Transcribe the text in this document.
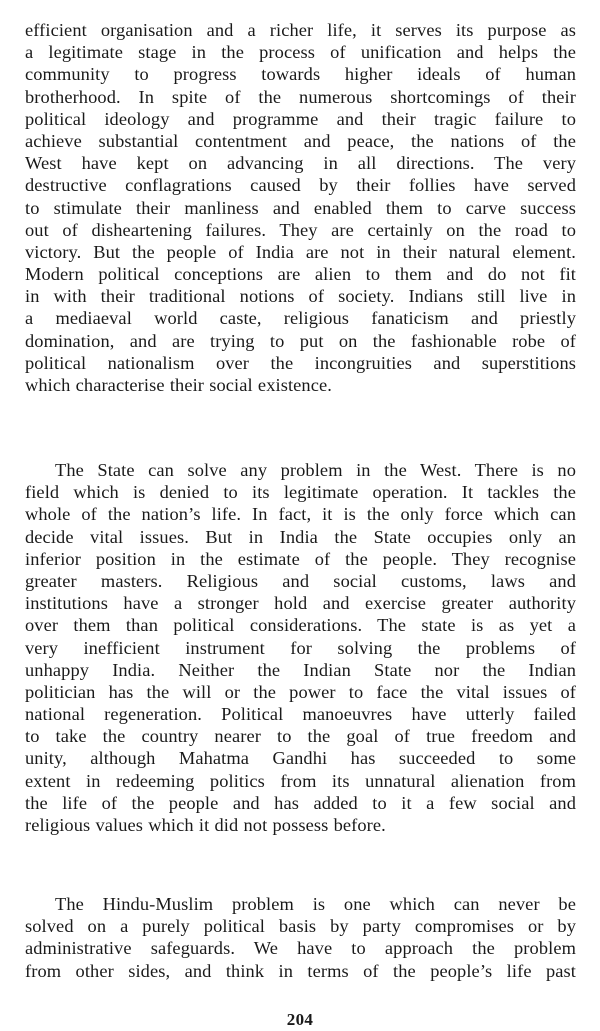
efficient organisation and a richer life, it serves its purpose as
a legitimate stage in the process of unification and helps the
community to progress towards higher ideals of human
brotherhood. In spite of the numerous shortcomings of their
political ideology and programme and their tragic failure to
achieve substantial contentment and peace, the nations of the
West have kept on advancing in all directions. The very
destructive conflagrations caused by their follies have served
to stimulate their manliness and enabled them to carve success
out of disheartening failures. They are certainly on the road to
victory. But the people of India are not in their natural element.
Modern political conceptions are alien to them and do not fit
in with their traditional notions of society. Indians still live in
a mediaeval world caste, religious fanaticism and priestly
domination, and are trying to put on the fashionable robe of
political nationalism over the incongruities and superstitions
which characterise their social existence.
The State can solve any problem in the West. There is no
field which is denied to its legitimate operation. It tackles the
whole of the nation’s life. In fact, it is the only force which can
decide vital issues. But in India the State occupies only an
inferior position in the estimate of the people. They recognise
greater masters. Religious and social customs, laws and
institutions have a stronger hold and exercise greater authority
over them than political considerations. The state is as yet a
very inefficient instrument for solving the problems of
unhappy India. Neither the Indian State nor the Indian
politician has the will or the power to face the vital issues of
national regeneration. Political manoeuvres have utterly failed
to take the country nearer to the goal of true freedom and
unity, although Mahatma Gandhi has succeeded to some
extent in redeeming politics from its unnatural alienation from
the life of the people and has added to it a few social and
religious values which it did not possess before.
The Hindu-Muslim problem is one which can never be
solved on a purely political basis by party compromises or by
administrative safeguards. We have to approach the problem
from other sides, and think in terms of the people’s life past
204
